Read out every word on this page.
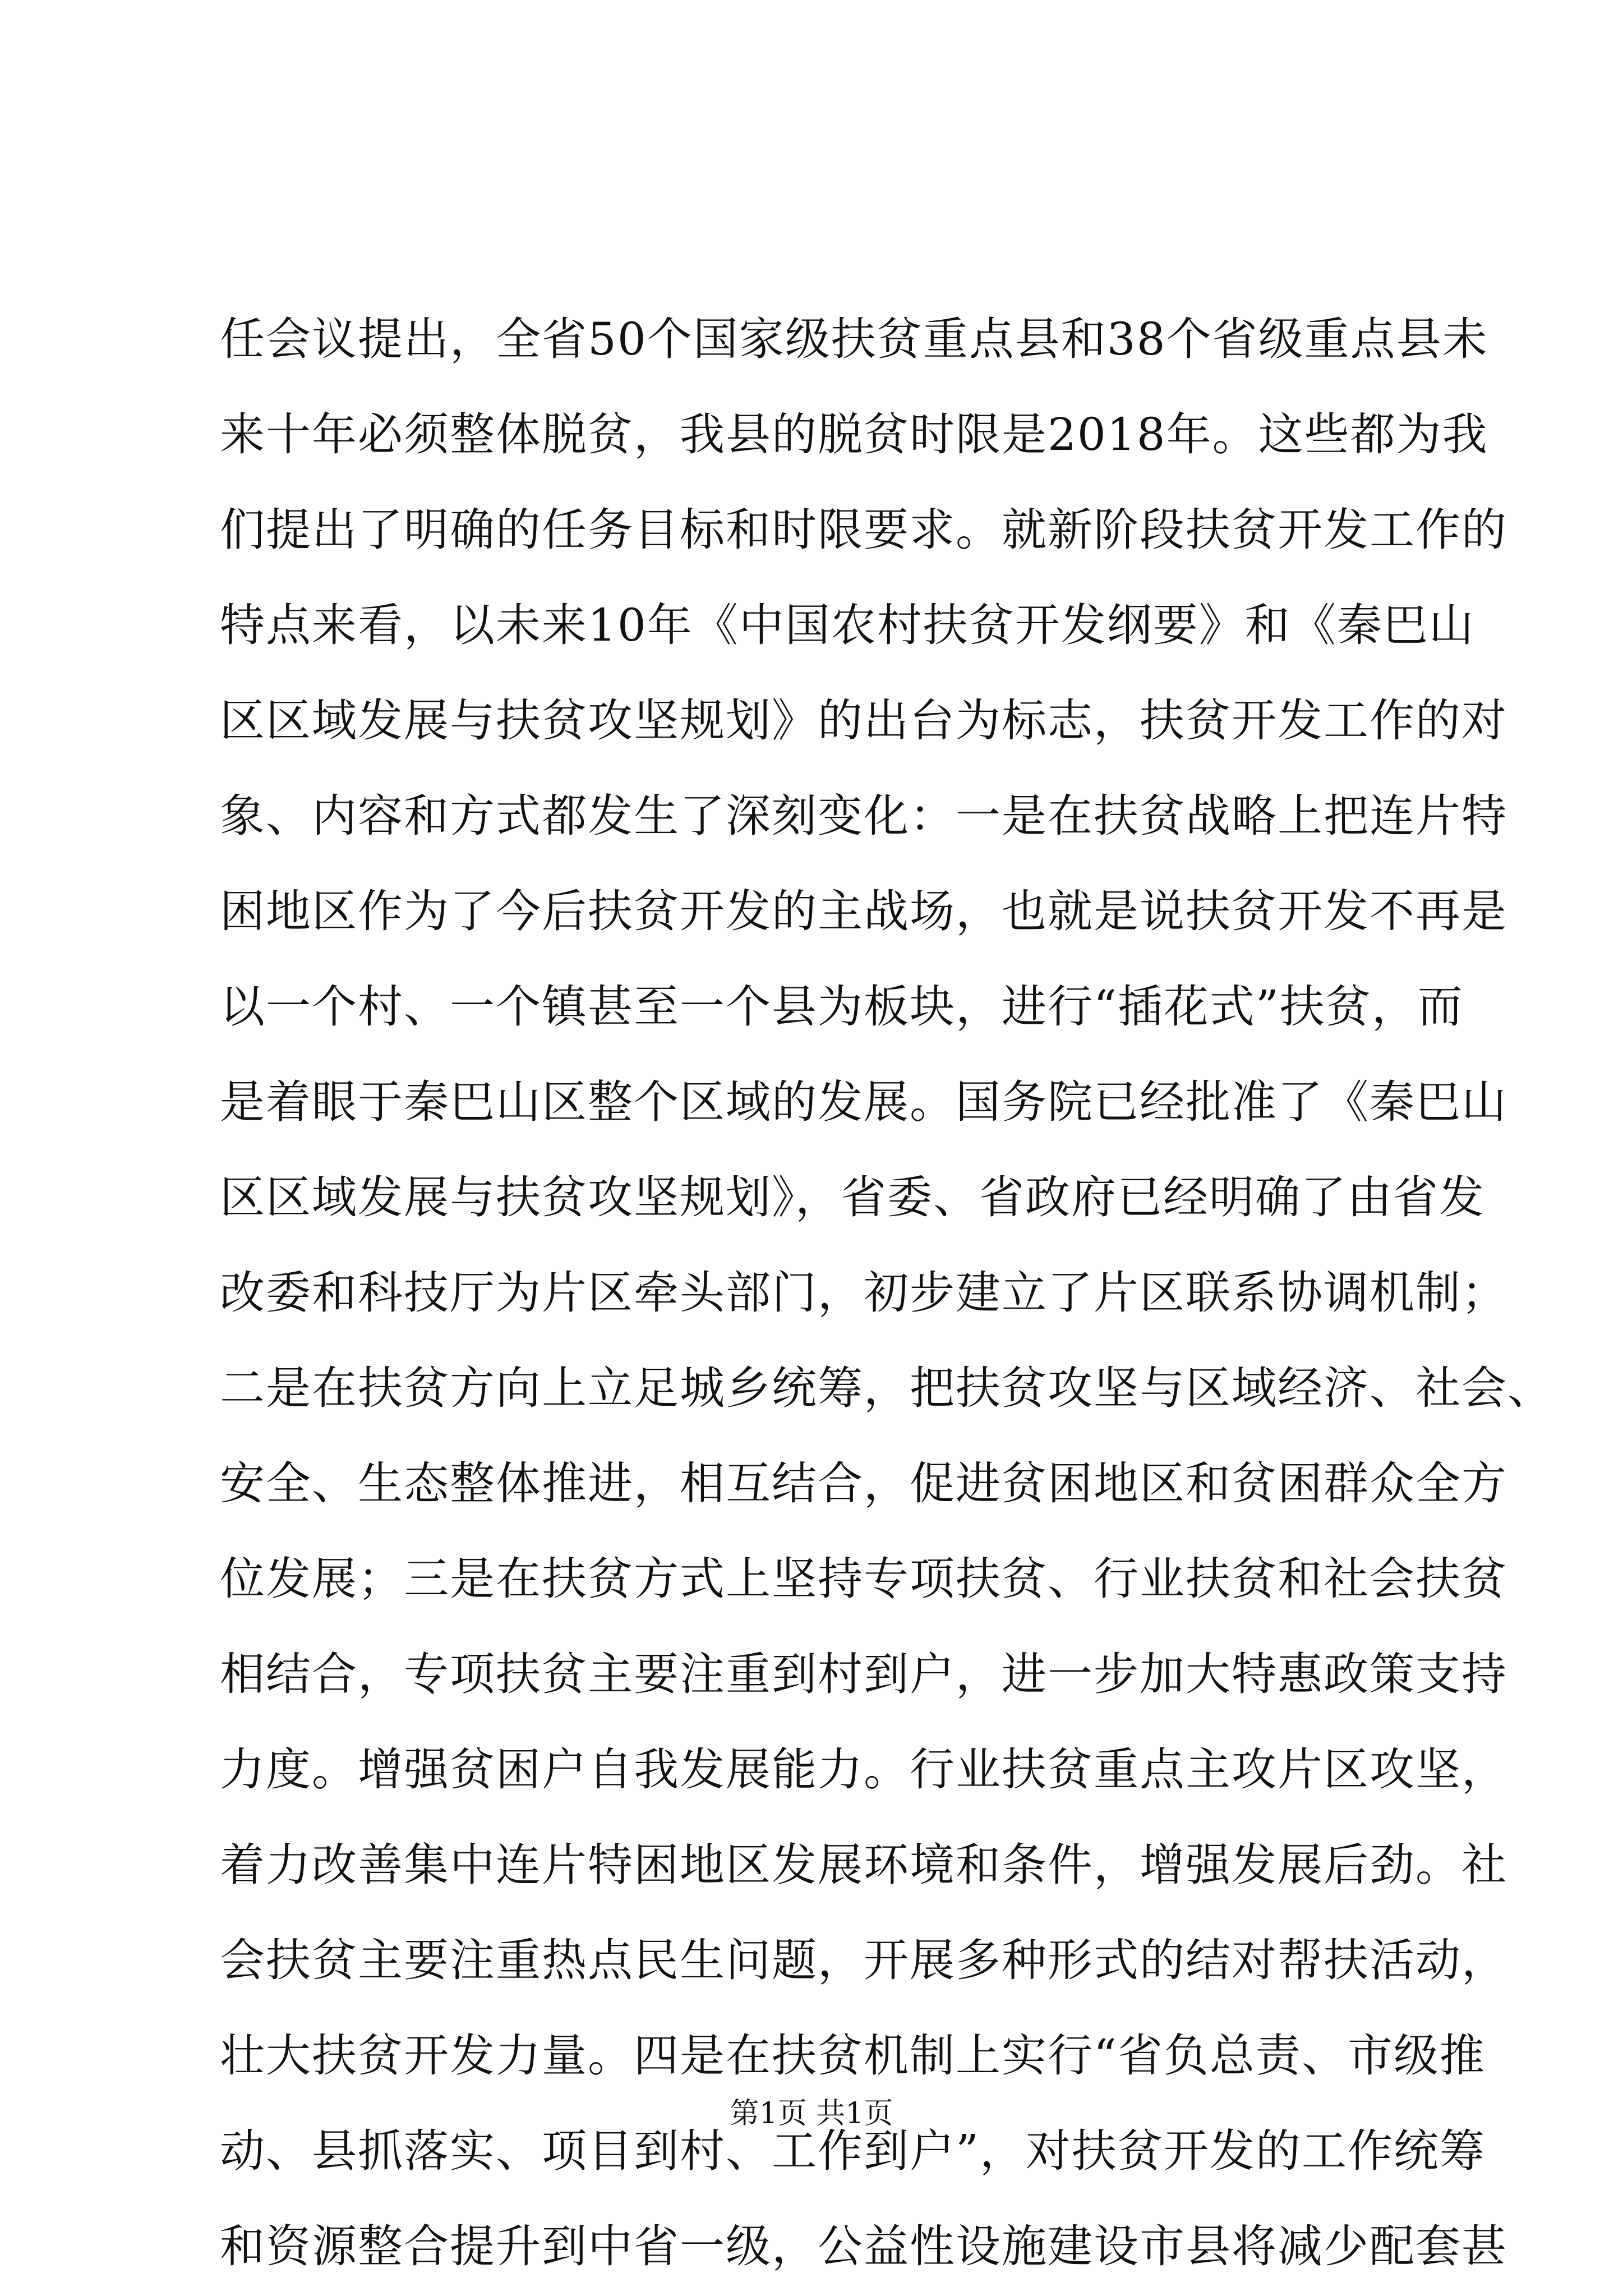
任会议提出，全省50个国家级扶贫重点县和38个省级重点县未
来十年必须整体脱贫，我县的脱贫时限是2018年。这些都为我
们提出了明确的任务目标和时限要求。就新阶段扶贫开发工作的
特点来看，以未来10年《中国农村扶贫开发纲要》和《秦巴山
区区域发展与扶贫攻坚规划》的出台为标志，扶贫开发工作的对
象、内容和方式都发生了深刻变化：一是在扶贫战略上把连片特
困地区作为了今后扶贫开发的主战场，也就是说扶贫开发不再是
以一个村、一个镇甚至一个县为板块，进行“插花式”扶贫，而
是着眼于秦巴山区整个区域的发展。国务院已经批准了《秦巴山
区区域发展与扶贫攻坚规划》，省委、省政府已经明确了由省发
改委和科技厅为片区牵头部门，初步建立了片区联系协调机制；
二是在扶贫方向上立足城乡统筹，把扶贫攻坚与区域经济、社会、
安全、生态整体推进，相互结合，促进贫困地区和贫困群众全方
位发展；三是在扶贫方式上坚持专项扶贫、行业扶贫和社会扶贫
相结合，专项扶贫主要注重到村到户，进一步加大特惠政策支持
力度。增强贫困户自我发展能力。行业扶贫重点主攻片区攻坚，
着力改善集中连片特困地区发展环境和条件，增强发展后劲。社
会扶贫主要注重热点民生问题，开展多种形式的结对帮扶活动，
壮大扶贫开发力量。四是在扶贫机制上实行“省负总责、市级推
动、县抓落实、项目到村、工作到户”，对扶贫开发的工作统筹
和资源整合提升到中省一级，公益性设施建设市县将减少配套甚
第1页 共1页
